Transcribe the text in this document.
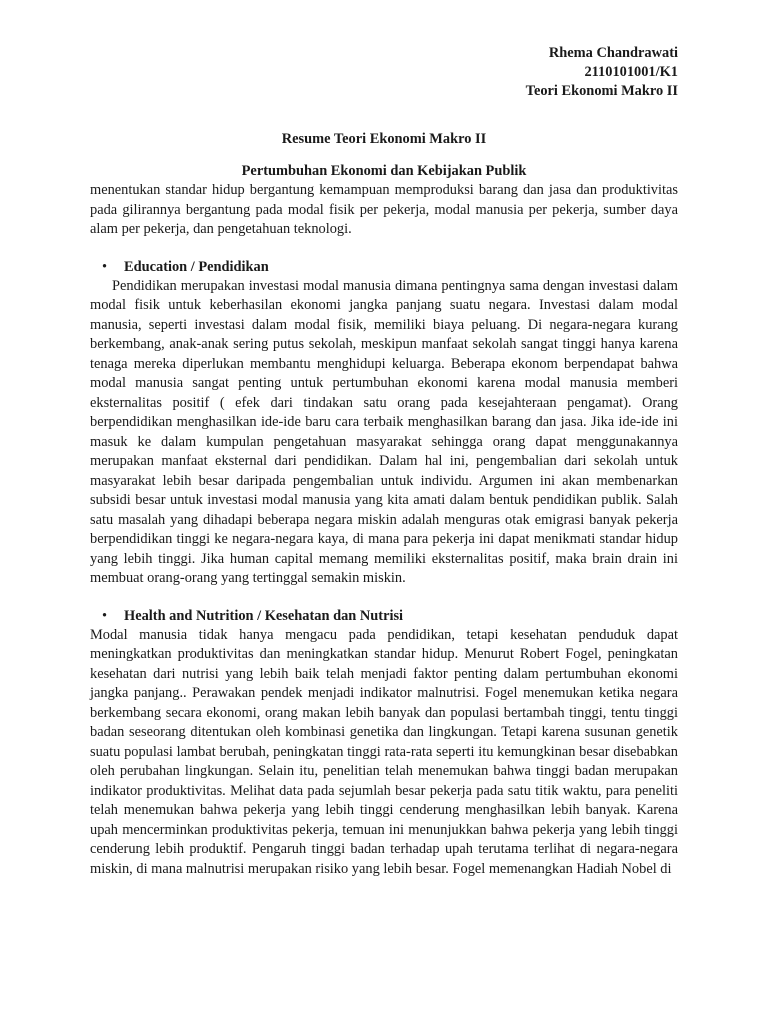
Rhema Chandrawati
2110101001/K1
Teori Ekonomi Makro II
Resume Teori Ekonomi Makro II
Pertumbuhan Ekonomi dan Kebijakan Publik

menentukan standar hidup bergantung kemampuan memproduksi barang dan jasa dan produktivitas pada gilirannya bergantung pada modal fisik per pekerja, modal manusia per pekerja, sumber daya alam per pekerja, dan pengetahuan teknologi.

•	Education / Pendidikan

Pendidikan merupakan investasi modal manusia dimana pentingnya sama dengan investasi dalam modal fisik untuk keberhasilan ekonomi jangka panjang suatu negara. Investasi dalam modal manusia, seperti investasi dalam modal fisik, memiliki biaya peluang. Di negara-negara kurang berkembang, anak-anak sering putus sekolah, meskipun manfaat sekolah sangat tinggi hanya karena tenaga mereka diperlukan membantu menghidupi keluarga. Beberapa ekonom berpendapat bahwa modal manusia sangat penting untuk pertumbuhan ekonomi karena modal manusia memberi eksternalitas positif ( efek dari tindakan satu orang pada kesejahteraan pengamat). Orang berpendidikan menghasilkan ide-ide baru cara terbaik menghasilkan barang dan jasa. Jika ide-ide ini masuk ke dalam kumpulan pengetahuan masyarakat sehingga orang dapat menggunakannya merupakan manfaat eksternal dari pendidikan. Dalam hal ini, pengembalian dari sekolah untuk masyarakat lebih besar daripada pengembalian untuk individu. Argumen ini akan membenarkan subsidi besar untuk investasi modal manusia yang kita amati dalam bentuk pendidikan publik. Salah satu masalah yang dihadapi beberapa negara miskin adalah menguras otak emigrasi banyak pekerja berpendidikan tinggi ke negara-negara kaya, di mana para pekerja ini dapat menikmati standar hidup yang lebih tinggi. Jika human capital memang memiliki eksternalitas positif, maka brain drain ini membuat orang-orang yang tertinggal semakin miskin.

•	Health and Nutrition / Kesehatan dan Nutrisi

Modal manusia tidak hanya mengacu pada pendidikan, tetapi kesehatan penduduk dapat meningkatkan produktivitas dan meningkatkan standar hidup. Menurut Robert Fogel, peningkatan kesehatan dari nutrisi yang lebih baik telah menjadi faktor penting dalam pertumbuhan ekonomi jangka panjang.. Perawakan pendek menjadi indikator malnutrisi. Fogel menemukan ketika negara berkembang secara ekonomi, orang makan lebih banyak dan populasi bertambah tinggi, tentu tinggi badan seseorang ditentukan oleh kombinasi genetika dan lingkungan. Tetapi karena susunan genetik suatu populasi lambat berubah, peningkatan tinggi rata-rata seperti itu kemungkinan besar disebabkan oleh perubahan lingkungan. Selain itu, penelitian telah menemukan bahwa tinggi badan merupakan indikator produktivitas. Melihat data pada sejumlah besar pekerja pada satu titik waktu, para peneliti telah menemukan bahwa pekerja yang lebih tinggi cenderung menghasilkan lebih banyak. Karena upah mencerminkan produktivitas pekerja, temuan ini menunjukkan bahwa pekerja yang lebih tinggi cenderung lebih produktif. Pengaruh tinggi badan terhadap upah terutama terlihat di negara-negara miskin, di mana malnutrisi merupakan risiko yang lebih besar. Fogel memenangkan Hadiah Nobel di
